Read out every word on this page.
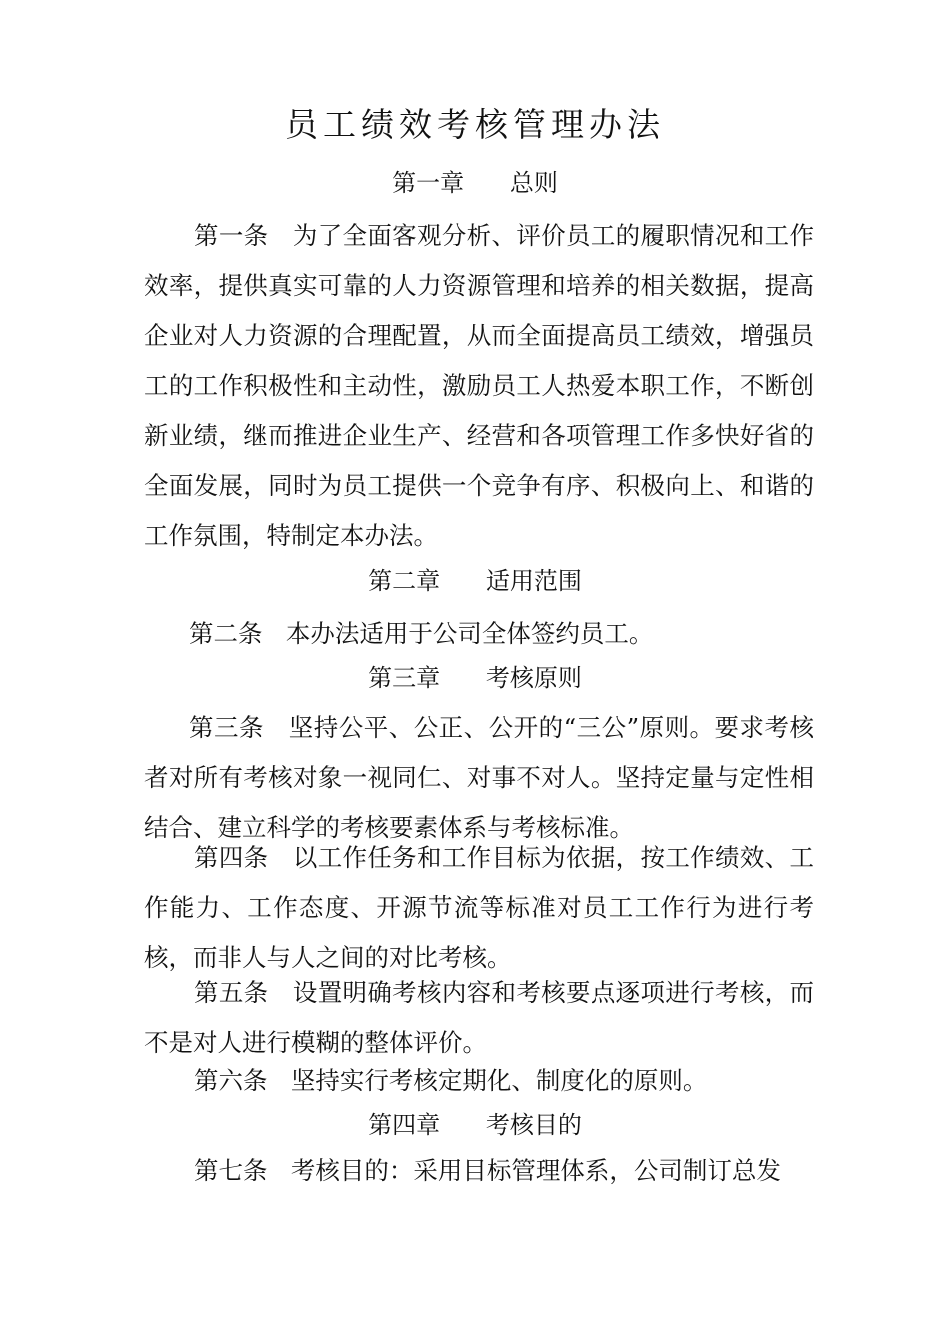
员工绩效考核管理办法
第一章      总则
第一条 为了全面客观分析、评价员工的履职情况和工作效率，提供真实可靠的人力资源管理和培养的相关数据，提高企业对人力资源的合理配置，从而全面提高员工绩效，增强员工的工作积极性和主动性，激励员工人热爱本职工作，不断创新业绩，继而推进企业生产、经营和各项管理工作多快好省的全面发展，同时为员工提供一个竞争有序、积极向上、和谐的工作氛围，特制定本办法。
第二章      适用范围
第二条 本办法适用于公司全体签约员工。
第三章      考核原则
第三条 坚持公平、公正、公开的“三公”原则。要求考核者对所有考核对象一视同仁、对事不对人。坚持定量与定性相结合、建立科学的考核要素体系与考核标准。
第四条 以工作任务和工作目标为依据，按工作绩效、工作能力、工作态度、开源节流等标准对员工工作行为进行考核，而非人与人之间的对比考核。
第五条 设置明确考核内容和考核要点逐项进行考核，而不是对人进行模糊的整体评价。
第六条 坚持实行考核定期化、制度化的原则。
第四章      考核目的
第七条 考核目的：采用目标管理体系，公司制订总发
